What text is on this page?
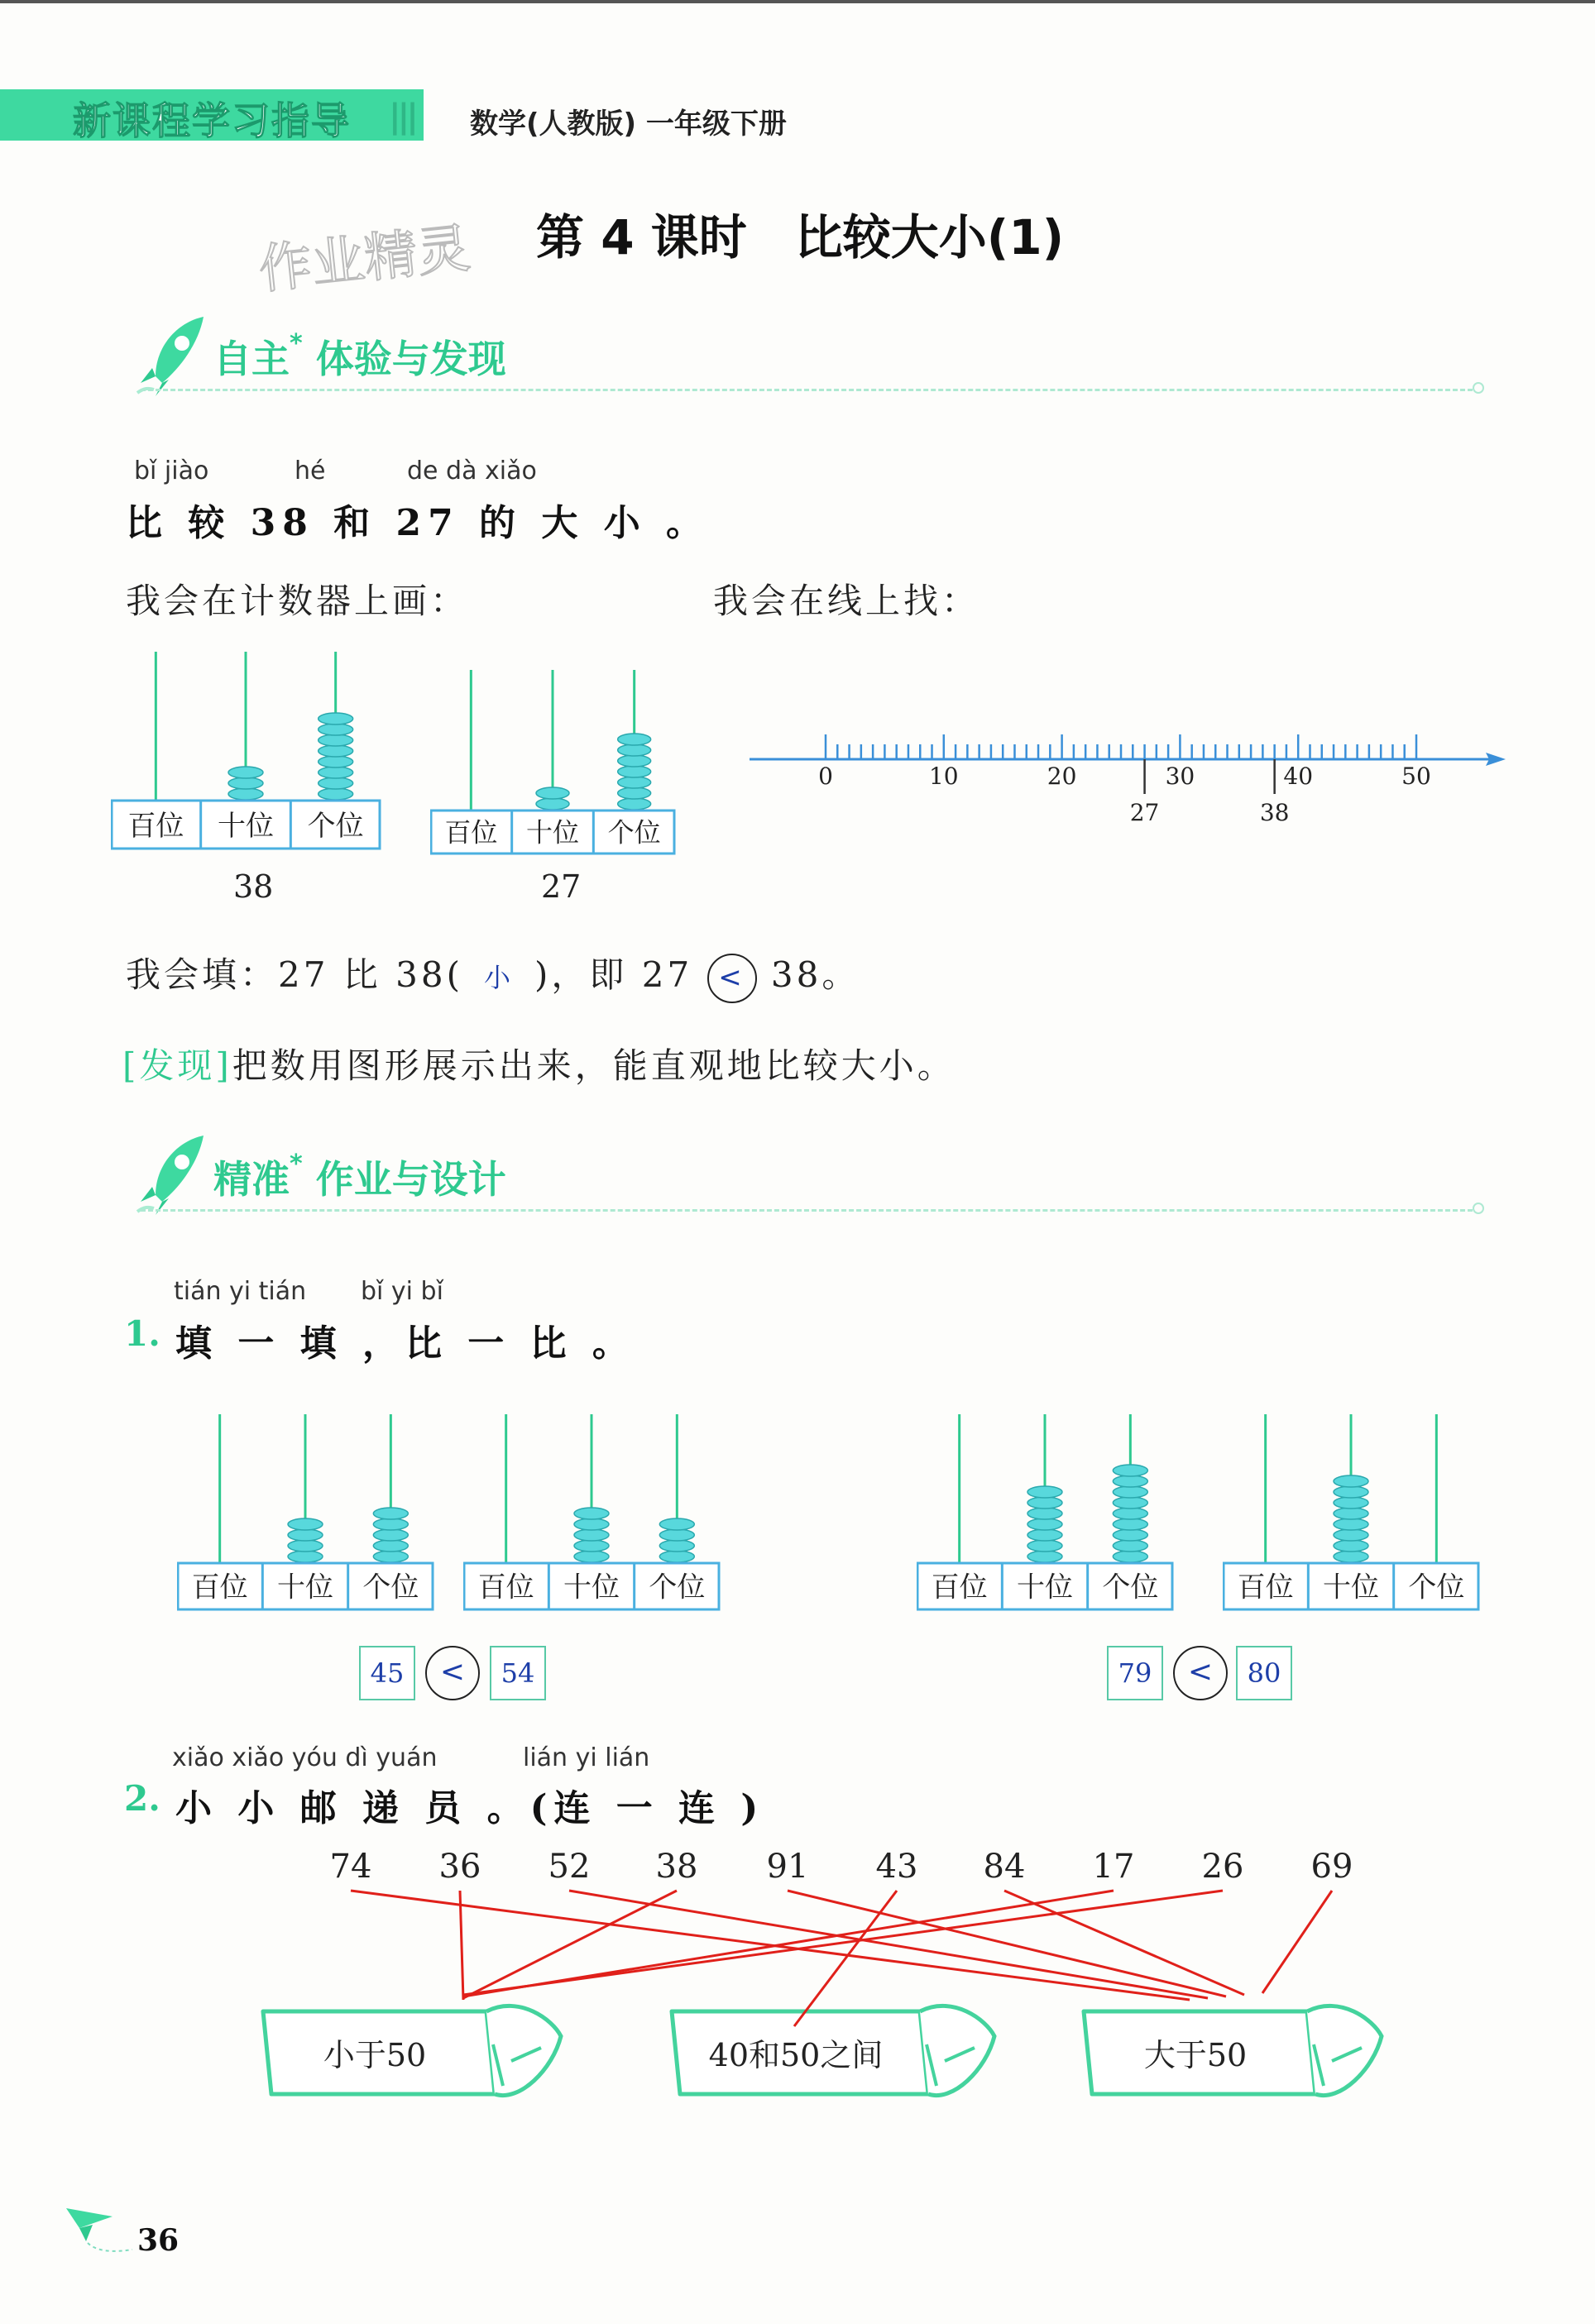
新课程学习指导 ||| 数学(人教版) 一年级下册
作业精灵 第 4 课时　比较大小(1)
自主* 体验与发现
bǐ jiào	hé	de dà xiǎo
比 较 38 和 27 的 大 小 。
我会在计数器上画：	我会在线上找：
百位 十位 个位
38
百位 十位 个位
27
0	10	20	30	40	50
27	38
我会填：27 比 38( 小 )，即 27 < 38。
[发现]把数用图形展示出来，能直观地比较大小。
精准* 作业与设计
tián yi tián bǐ yi bǐ
1. 填 一 填 ，比 一 比 。
百位 十位 个位 百位 十位 个位	百位 十位 个位	百位 十位 个位
45	<	54	79	<	80
xiǎo xiǎo yóu dì yuán	lián yi lián
2. 小 小 邮 递 员 。(连 一 连 )
小于50	40和50之间	大于50
74 36 52 38 91 43 84 17 26 69
36
